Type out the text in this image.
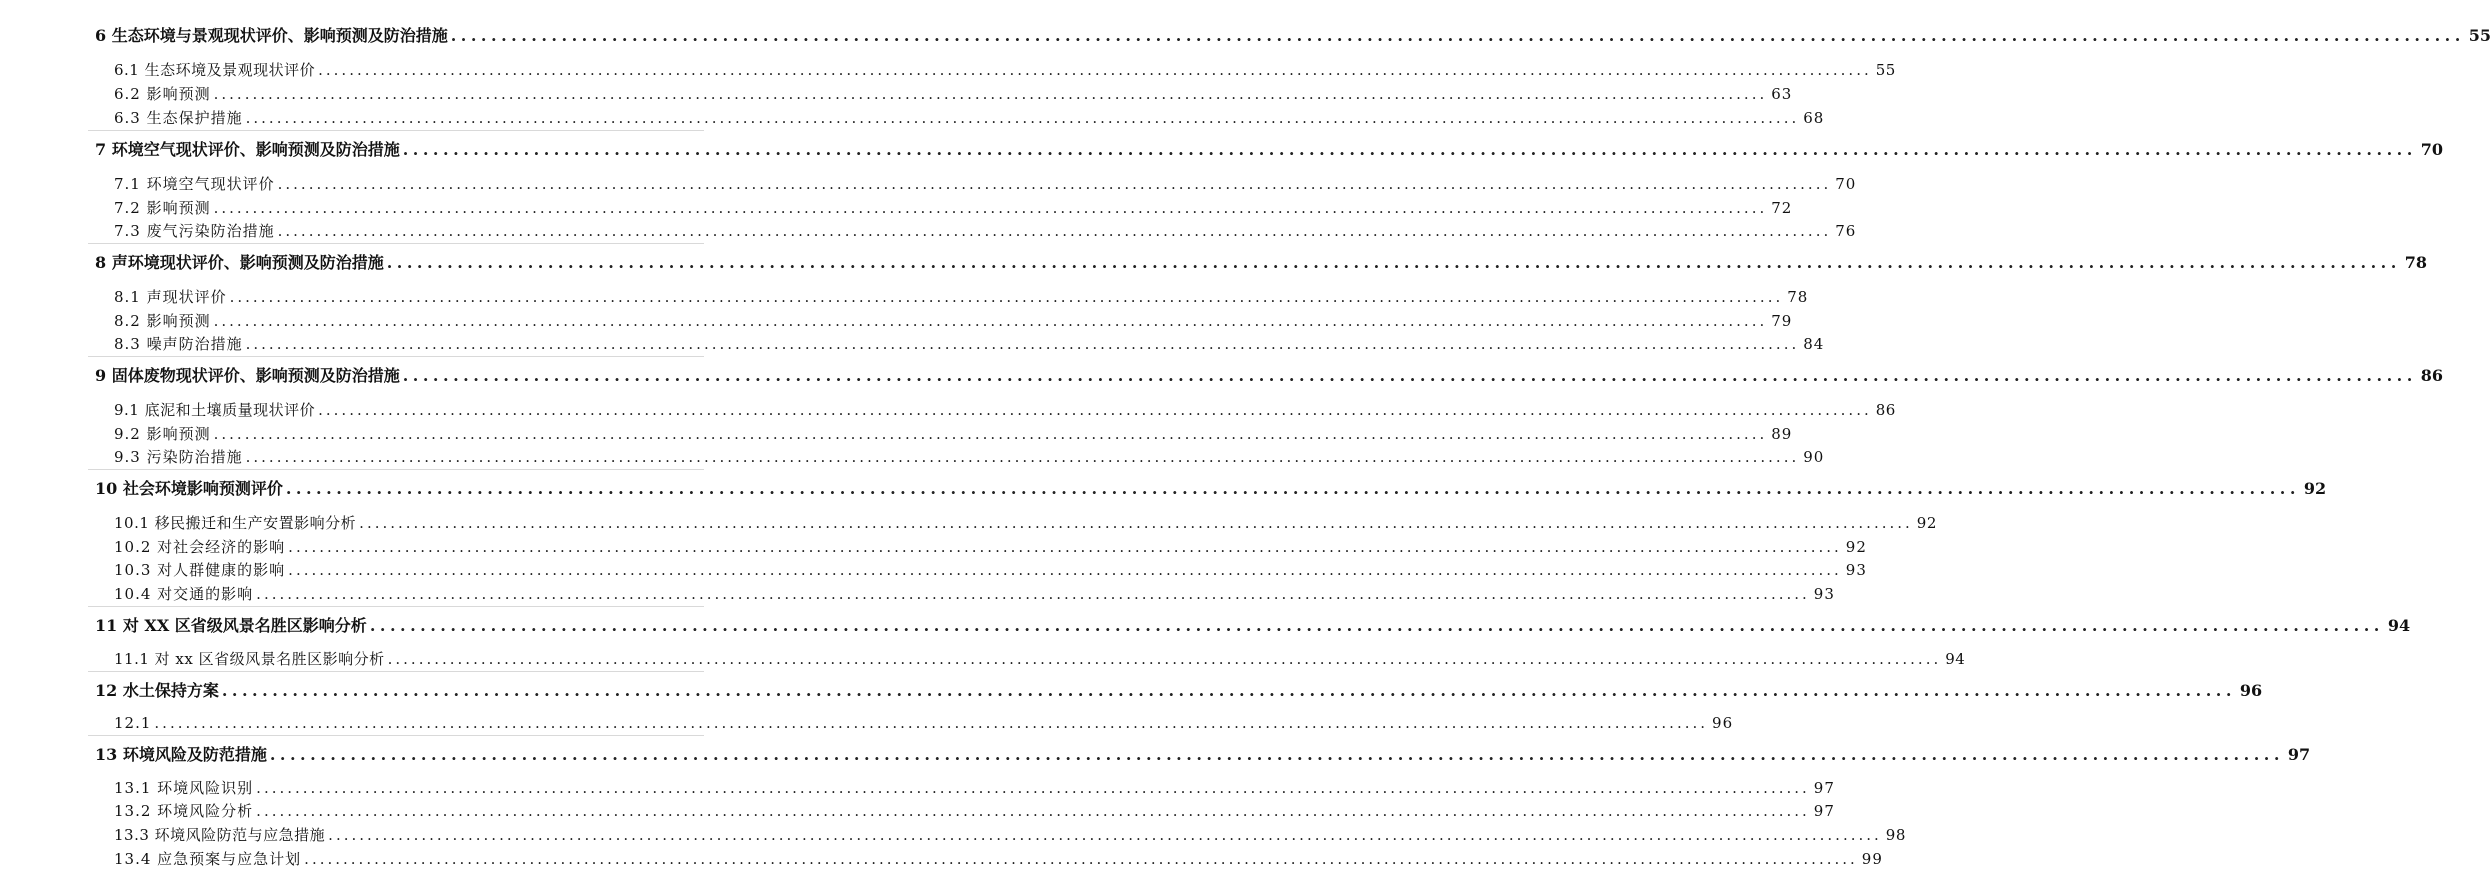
6 生态环境与景观现状评价、影响预测及防治措施 ........................................................................................................................................................................................................ 55
6.1 生态环境及景观现状评价 ........................................................................................................................................................................................................ 55
6.2 影响预测 ........................................................................................................................................................................................................ 63
6.3 生态保护措施 ........................................................................................................................................................................................................ 68
7 环境空气现状评价、影响预测及防治措施 ........................................................................................................................................................................................................ 70
7.1 环境空气现状评价 ........................................................................................................................................................................................................ 70
7.2 影响预测 ........................................................................................................................................................................................................ 72
7.3 废气污染防治措施 ........................................................................................................................................................................................................ 76
8 声环境现状评价、影响预测及防治措施 ........................................................................................................................................................................................................ 78
8.1 声现状评价 ........................................................................................................................................................................................................ 78
8.2 影响预测 ........................................................................................................................................................................................................ 79
8.3 噪声防治措施 ........................................................................................................................................................................................................ 84
9 固体废物现状评价、影响预测及防治措施 ........................................................................................................................................................................................................ 86
9.1 底泥和土壤质量现状评价 ........................................................................................................................................................................................................ 86
9.2 影响预测 ........................................................................................................................................................................................................ 89
9.3 污染防治措施 ........................................................................................................................................................................................................ 90
10 社会环境影响预测评价 ........................................................................................................................................................................................................ 92
10.1 移民搬迁和生产安置影响分析 ........................................................................................................................................................................................................ 92
10.2 对社会经济的影响 ........................................................................................................................................................................................................ 92
10.3 对人群健康的影响 ........................................................................................................................................................................................................ 93
10.4 对交通的影响 ........................................................................................................................................................................................................ 93
11 对 XX 区省级风景名胜区影响分析 ........................................................................................................................................................................................................ 94
11.1 对 xx 区省级风景名胜区影响分析 ........................................................................................................................................................................................................ 94
12 水土保持方案 ........................................................................................................................................................................................................ 96
12.1 ........................................................................................................................................................................................................ 96
13 环境风险及防范措施 ........................................................................................................................................................................................................ 97
13.1 环境风险识别 ........................................................................................................................................................................................................ 97
13.2 环境风险分析 ........................................................................................................................................................................................................ 97
13.3 环境风险防范与应急措施 ........................................................................................................................................................................................................ 98
13.4 应急预案与应急计划 ........................................................................................................................................................................................................ 99
